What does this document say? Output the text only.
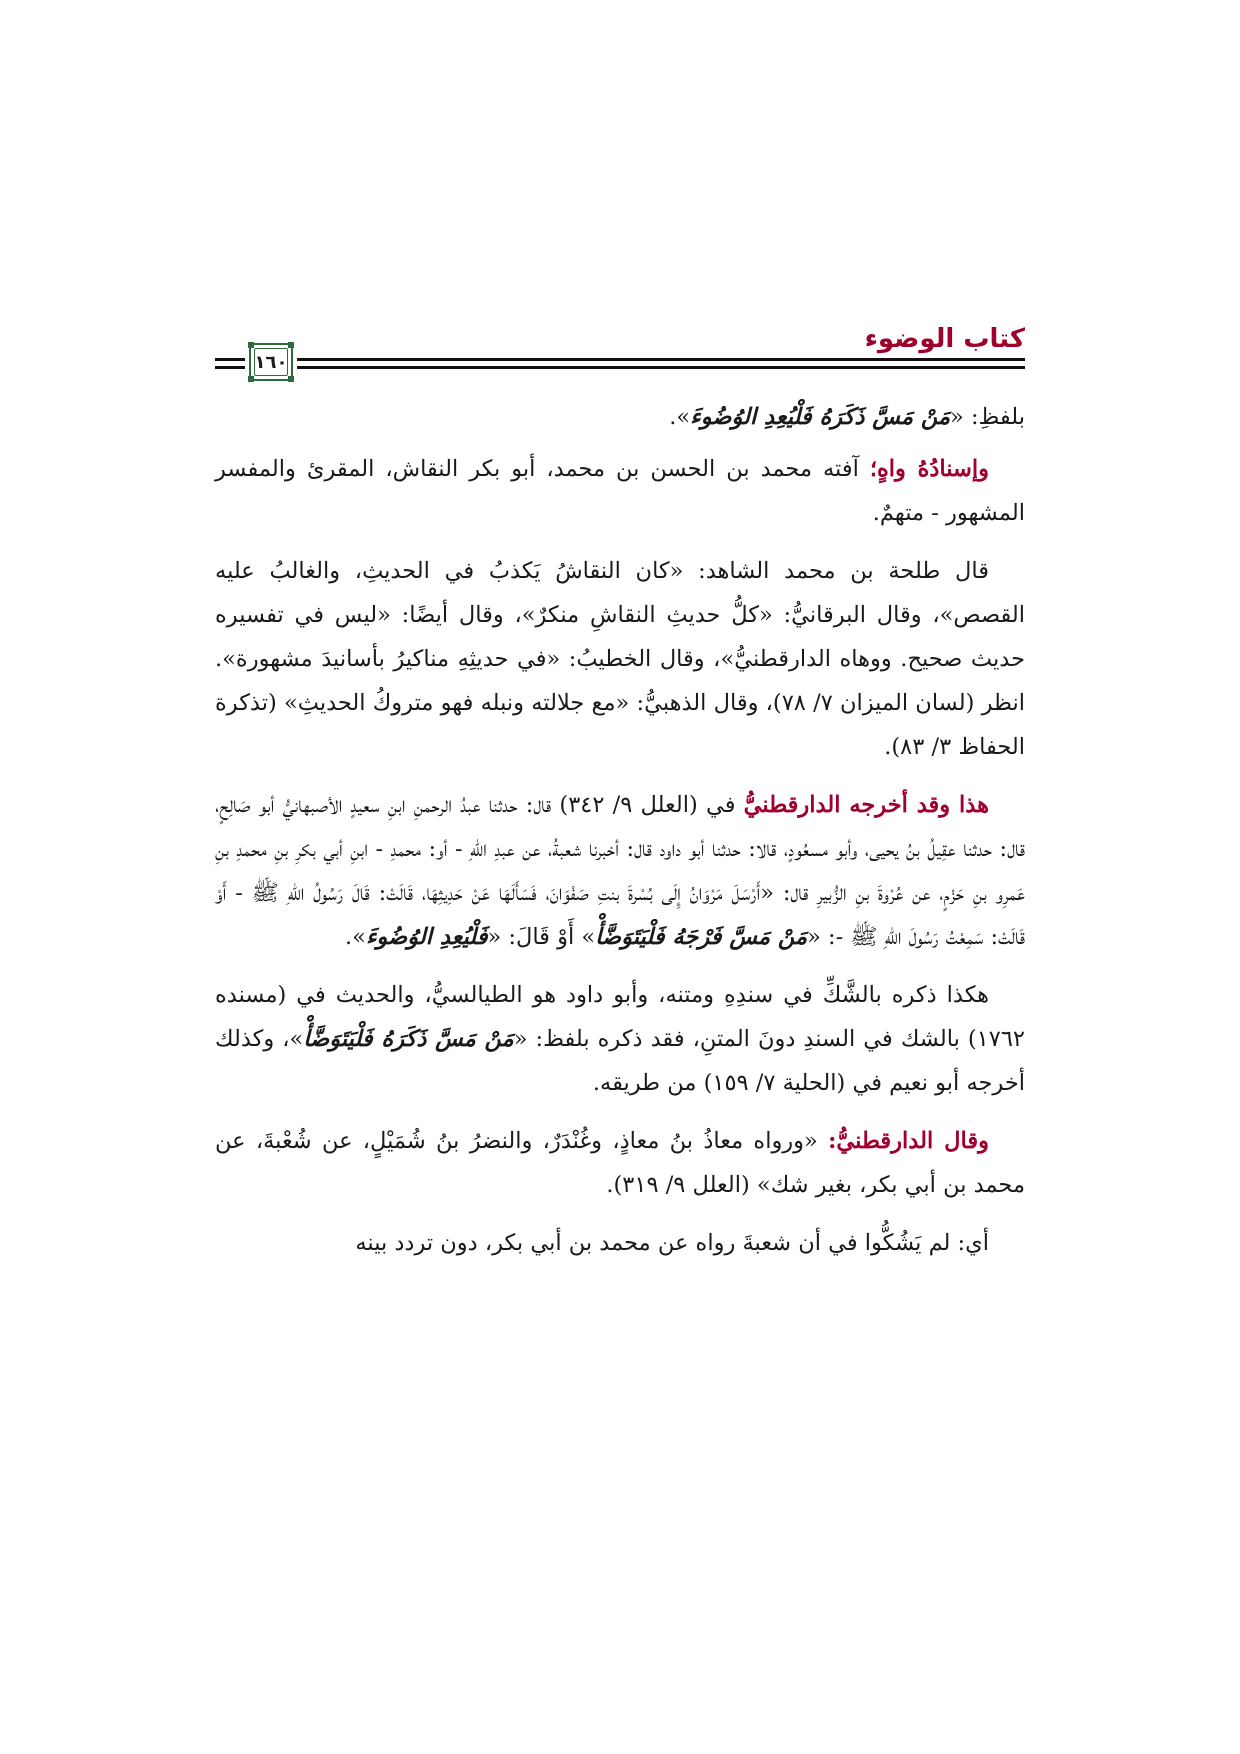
١٦٠
كتاب الوضوء

بلفظِ: «مَنْ مَسَّ ذَكَرَهُ فَلْيُعِدِ الوُضُوءَ».

وإسنادُهُ واهٍ؛ آفته محمد بن الحسن بن محمد، أبو بكر النقاش، المقرئ والمفسر المشهور - متهمٌ.

قال طلحة بن محمد الشاهد: «كان النقاشُ يَكذبُ في الحديثِ، والغالبُ عليه القصص»، وقال البرقانيُّ: «كلُّ حديثِ النقاشِ منكرٌ»، وقال أيضًا: «ليس في تفسيره حديث صحيح. ووهاه الدارقطنيُّ»، وقال الخطيبُ: «في حديثِهِ مناكيرُ بأسانيدَ مشهورة». انظر (لسان الميزان ٧/ ٧٨)، وقال الذهبيُّ: «مع جلالته ونبله فهو متروكُ الحديثِ» (تذكرة الحفاظ ٣/ ٨٣).

هذا وقد أخرجه الدارقطنيُّ في (العلل ٩/ ٣٤٢) قال: حدثنا عبدُ الرحمنِ ابنِ سعيدٍ الأصبهانيُّ أبو صَالِحٍ، قال: حدثنا عقِيلُ بنُ يحيى، وأبو مسعُودٍ، قالا: حدثنا أبو داود قال: أخبرنا شعبةُ، عن عبدِ اللهِ - أو: محمدِ - ابنِ أبي بكرِ بنِ محمدِ بنِ عَمرِو بنِ حَزْمٍ، عن عُرْوةَ بنِ الزُّبيرِ قال: «أَرْسَلَ مَرْوَانُ إِلَى بُسْرةَ بنتِ صَفْوَانَ، فَسَأَلَهَا عَنْ حَدِيثِهَا، قَالَتْ: قَالَ رَسُولُ اللهِ ﷺ - أَوْ قَالَتْ: سَمِعْتُ رَسُولَ اللهِ ﷺ -: «مَنْ مَسَّ فَرْجَهُ فَلْيَتَوَضَّأْ» أَوْ قَالَ: «فَلْيُعِدِ الوُضُوءَ».

هكذا ذكره بالشَّكِّ في سندِهِ ومتنه، وأبو داود هو الطيالسيُّ، والحديث في (مسنده ١٧٦٢) بالشك في السندِ دونَ المتنِ، فقد ذكره بلفظ: «مَنْ مَسَّ ذَكَرَهُ فَلْيَتَوَضَّأْ»، وكذلك أخرجه أبو نعيم في (الحلية ٧/ ١٥٩) من طريقه.

وقال الدارقطنيُّ: «ورواه معاذُ بنُ معاذٍ، وغُنْدَرٌ، والنضرُ بنُ شُمَيْلٍ، عن شُعْبةَ، عن محمد بن أبي بكر، بغير شك» (العلل ٩/ ٣١٩).

أي: لم يَشُكُّوا في أن شعبةَ رواه عن محمد بن أبي بكر، دون تردد بينه
